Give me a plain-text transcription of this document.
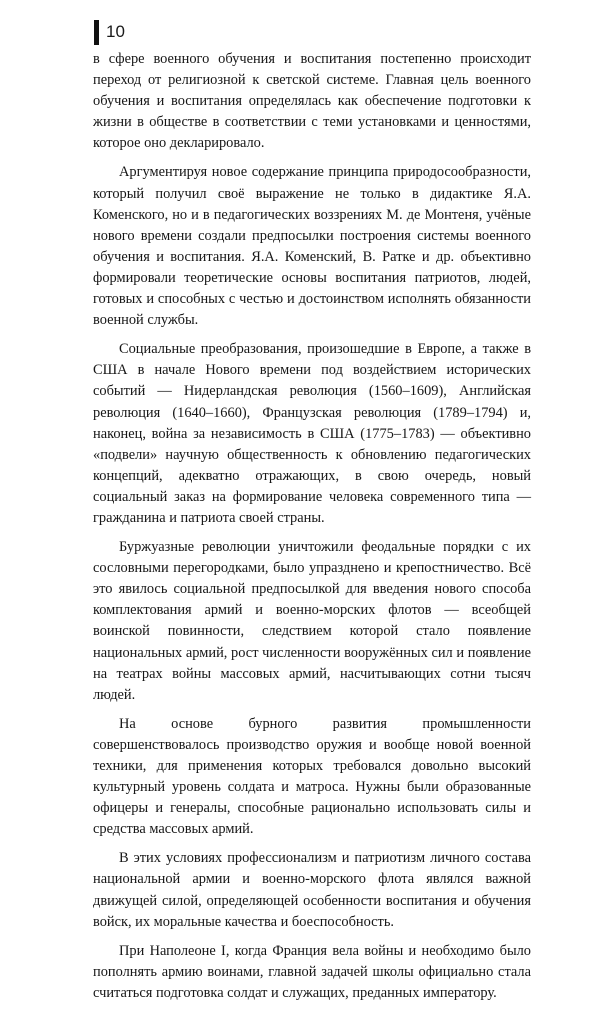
10

в сфере военного обучения и воспитания постепенно происходит переход от религиозной к светской системе. Главная цель военного обучения и воспитания определялась как обеспечение подготовки к жизни в обществе в соответствии с теми установками и ценностями, которое оно декларировало.

Аргументируя новое содержание принципа природосообразности, который получил своё выражение не только в дидактике Я.А. Коменского, но и в педагогических воззрениях М. де Монтеня, учёные нового времени создали предпосылки построения системы военного обучения и воспитания. Я.А. Коменский, В. Ратке и др. объективно формировали теоретические основы воспитания патриотов, людей, готовых и способных с честью и достоинством исполнять обязанности военной службы.

Социальные преобразования, произошедшие в Европе, а также в США в начале Нового времени под воздействием исторических событий — Нидерландская революция (1560–1609), Английская революция (1640–1660), Французская революция (1789–1794) и, наконец, война за независимость в США (1775–1783) — объективно «подвели» научную общественность к обновлению педагогических концепций, адекватно отражающих, в свою очередь, новый социальный заказ на формирование человека современного типа — гражданина и патриота своей страны.

Буржуазные революции уничтожили феодальные порядки с их сословными перегородками, было упразднено и крепостничество. Всё это явилось социальной предпосылкой для введения нового способа комплектования армий и военно-морских флотов — всеобщей воинской повинности, следствием которой стало появление национальных армий, рост численности вооружённых сил и появление на театрах войны массовых армий, насчитывающих сотни тысяч людей.

На основе бурного развития промышленности совершенствовалось производство оружия и вообще новой военной техники, для применения которых требовался довольно высокий культурный уровень солдата и матроса. Нужны были образованные офицеры и генералы, способные рационально использовать силы и средства массовых армий.

В этих условиях профессионализм и патриотизм личного состава национальной армии и военно-морского флота являлся важной движущей силой, определяющей особенности воспитания и обучения войск, их моральные качества и боеспособность.

При Наполеоне I, когда Франция вела войны и необходимо было пополнять армию воинами, главной задачей школы официально стала считаться подготовка солдат и служащих, преданных императору.
